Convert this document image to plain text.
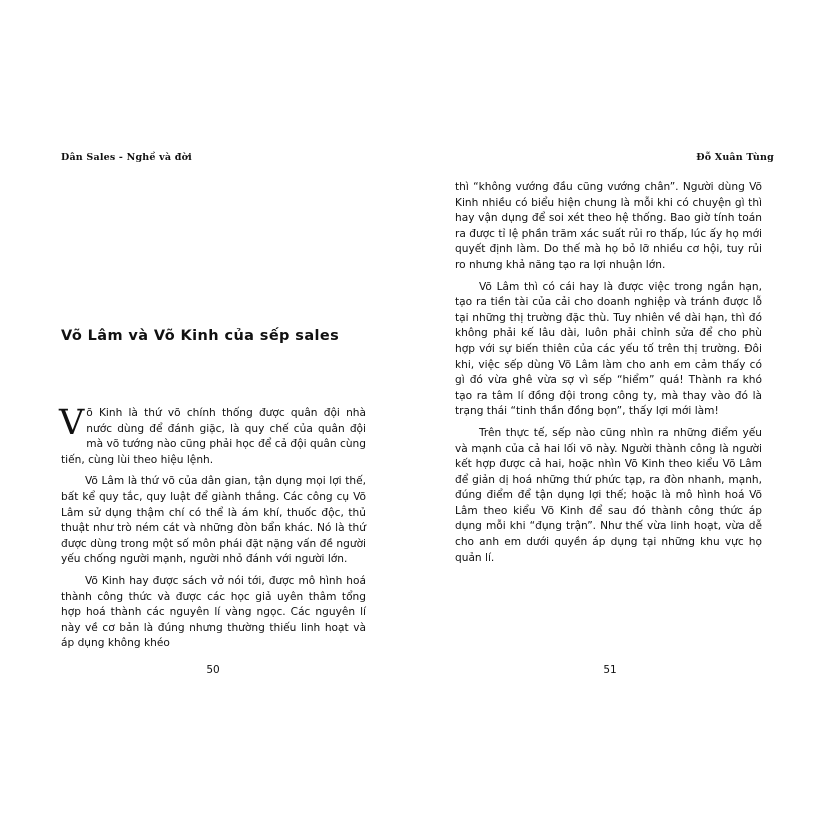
Dân Sales - Nghề và đời
Võ Lâm và Võ Kinh của sếp sales

Võ Kinh là thứ võ chính thống được quân đội nhà nước dùng để đánh giặc, là quy chế của quân đội mà võ tướng nào cũng phải học để cả đội quân cùng tiến, cùng lùi theo hiệu lệnh.

Võ Lâm là thứ võ của dân gian, tận dụng mọi lợi thế, bất kể quy tắc, quy luật để giành thắng. Các công cụ Võ Lâm sử dụng thậm chí có thể là ám khí, thuốc độc, thủ thuật như trò ném cát và những đòn bẩn khác. Nó là thứ được dùng trong một số môn phái đặt nặng vấn đề người yếu chống người mạnh, người nhỏ đánh với người lớn.

Võ Kinh hay được sách vở nói tới, được mô hình hoá thành công thức và được các học giả uyên thâm tổng hợp hoá thành các nguyên lí vàng ngọc. Các nguyên lí này về cơ bản là đúng nhưng thường thiếu linh hoạt và áp dụng không khéo

50
Đỗ Xuân Tùng

thì “không vướng đầu cũng vướng chân”. Người dùng Võ Kinh nhiều có biểu hiện chung là mỗi khi có chuyện gì thì hay vận dụng để soi xét theo hệ thống. Bao giờ tính toán ra được tỉ lệ phần trăm xác suất rủi ro thấp, lúc ấy họ mới quyết định làm. Do thế mà họ bỏ lỡ nhiều cơ hội, tuy rủi ro nhưng khả năng tạo ra lợi nhuận lớn.

Võ Lâm thì có cái hay là được việc trong ngắn hạn, tạo ra tiền tài của cải cho doanh nghiệp và tránh được lỗ tại những thị trường đặc thù. Tuy nhiên về dài hạn, thì đó không phải kế lâu dài, luôn phải chỉnh sửa để cho phù hợp với sự biến thiên của các yếu tố trên thị trường. Đôi khi, việc sếp dùng Võ Lâm làm cho anh em cảm thấy có gì đó vừa ghê vừa sợ vì sếp “hiểm” quá! Thành ra khó tạo ra tâm lí đồng đội trong công ty, mà thay vào đó là trạng thái “tinh thần đồng bọn”, thấy lợi mới làm!

Trên thực tế, sếp nào cũng nhìn ra những điểm yếu và mạnh của cả hai lối võ này. Người thành công là người kết hợp được cả hai, hoặc nhìn Võ Kinh theo kiểu Võ Lâm để giản dị hoá những thứ phức tạp, ra đòn nhanh, mạnh, đúng điểm để tận dụng lợi thế; hoặc là mô hình hoá Võ Lâm theo kiểu Võ Kinh để sau đó thành công thức áp dụng mỗi khi “đụng trận”. Như thế vừa linh hoạt, vừa dễ cho anh em dưới quyền áp dụng tại những khu vực họ quản lí.

51
